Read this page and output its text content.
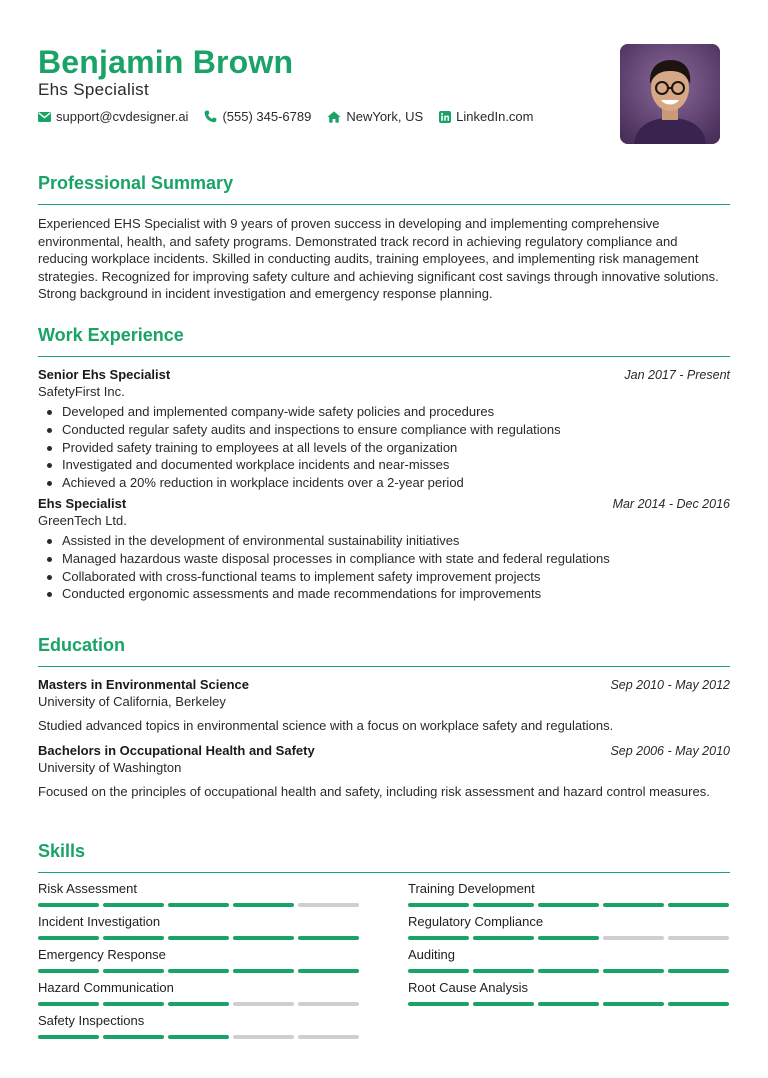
Benjamin Brown
Ehs Specialist
support@cvdesigner.ai	(555) 345-6789	NewYork, US	LinkedIn.com
Professional Summary

Experienced EHS Specialist with 9 years of proven success in developing and implementing comprehensive environmental, health, and safety programs. Demonstrated track record in achieving regulatory compliance and reducing workplace incidents. Skilled in conducting audits, training employees, and implementing risk management strategies. Recognized for improving safety culture and achieving significant cost savings through innovative solutions. Strong background in incident investigation and emergency response planning.

Work Experience
Senior Ehs Specialist	Jan 2017 - Present
SafetyFirst Inc.
Developed and implemented company-wide safety policies and procedures
Conducted regular safety audits and inspections to ensure compliance with regulations
Provided safety training to employees at all levels of the organization
Investigated and documented workplace incidents and near-misses
Achieved a 20% reduction in workplace incidents over a 2-year period
Ehs Specialist	Mar 2014 - Dec 2016
GreenTech Ltd.
Assisted in the development of environmental sustainability initiatives
Managed hazardous waste disposal processes in compliance with state and federal regulations
Collaborated with cross-functional teams to implement safety improvement projects
Conducted ergonomic assessments and made recommendations for improvements
Education
Masters in Environmental Science	Sep 2010 - May 2012
University of California, Berkeley

Studied advanced topics in environmental science with a focus on workplace safety and regulations.

Bachelors in Occupational Health and Safety	Sep 2006 - May 2010
University of Washington

Focused on the principles of occupational health and safety, including risk assessment and hazard control measures.

Skills
Risk Assessment	Training Development
Incident Investigation	Regulatory Compliance
Emergency Response	Auditing
Hazard Communication	Root Cause Analysis
Safety Inspections
